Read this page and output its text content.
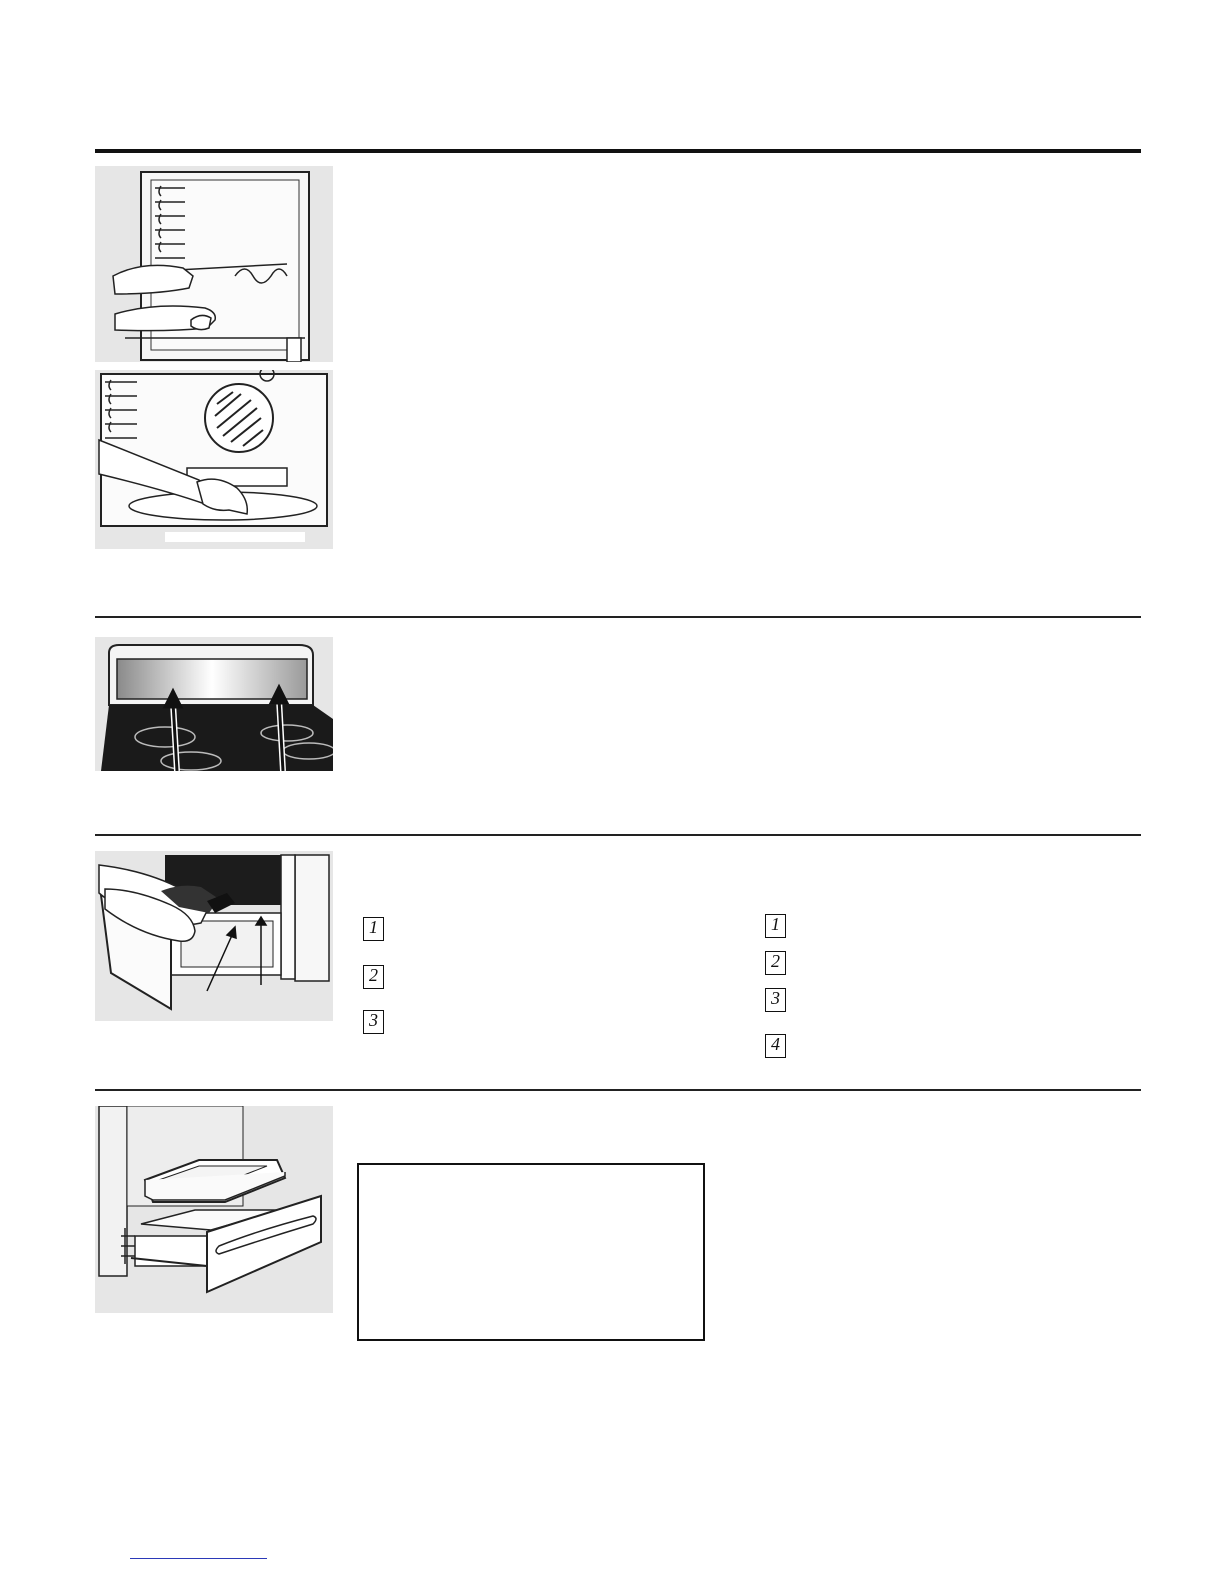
1
2
3
1
2
3
4
